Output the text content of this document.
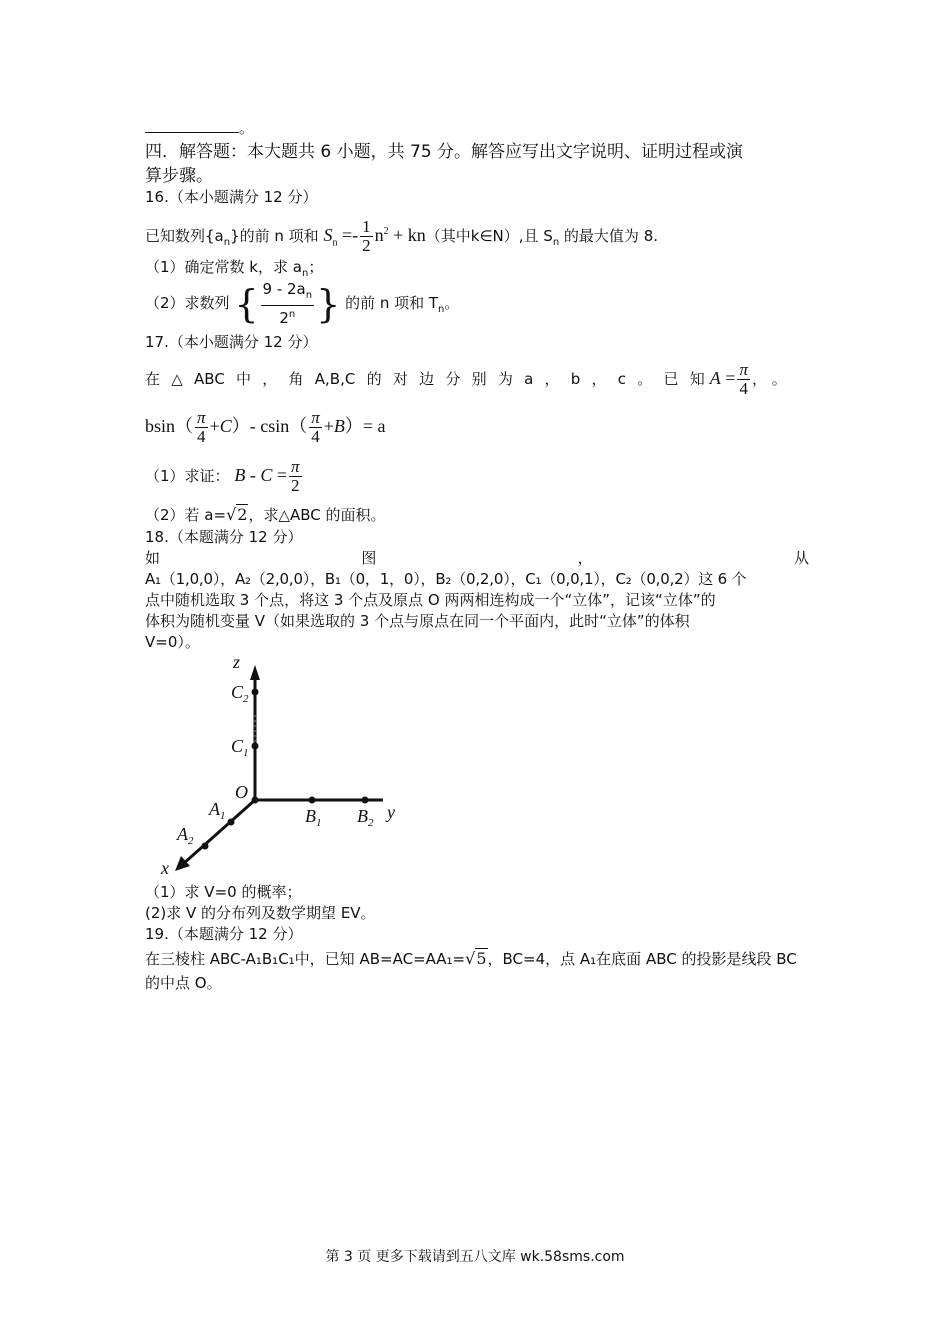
。
四．解答题：本大题共 6 小题，共 75 分。解答应写出文字说明、证明过程或演
算步骤。
16.（本小题满分 12 分）
已知数列$\{a_n\}$的前 n 项和 $S_n =- \frac{1}{2} n^2 + kn$（其中k∈N）,且 $S_n$ 的最大值为 8.
（1）确定常数 k，求 $a_n$；
（2）求数列 { $\frac{9 - 2a_n}{2^n}$ } 的前 n 项和 $T_n$。
17.（本小题满分 12 分）
在 △ ABC 中 ， 角 A,B,C 的 对 边 分 别 为 a ， b ， c 。 已 知 $A = \frac{\pi}{4}$ ， 。
$bsin( \frac{\pi}{4} +C)-$ $csin( \frac{\pi}{4} +B)= a$
（1）求证： $B - C = \frac{\pi}{2}$
（2）若 a=√2，求△ABC 的面积。
18.（本题满分 12 分）
如	图	，	从
A₁（1,0,0），A₂（2,0,0），B₁（0，1，0），B₂（0,2,0），C₁（0,0,1），C₂（0,0,2）这 6 个
点中随机选取 3 个点，将这 3 个点及原点 O 两两相连构成一个“立体”，记该“立体”的
体积为随机变量 V（如果选取的 3 个点与原点在同一个平面内，此时“立体”的体积
V=0）。
z
$C_2$
$C_1$
O
y
$B_1$ $B_2$
$A_1$
$A_2$
x
（1）求 V=0 的概率；
(2)求 V 的分布列及数学期望 EV。
19.（本题满分 12 分）
在三棱柱 ABC-A₁B₁C₁中，已知 AB=AC=AA₁=√5，BC=4，点 A₁在底面 ABC 的投影是线段 BC
的中点 O。
第 3 页 更多下载请到五八文库 wk.58sms.com
